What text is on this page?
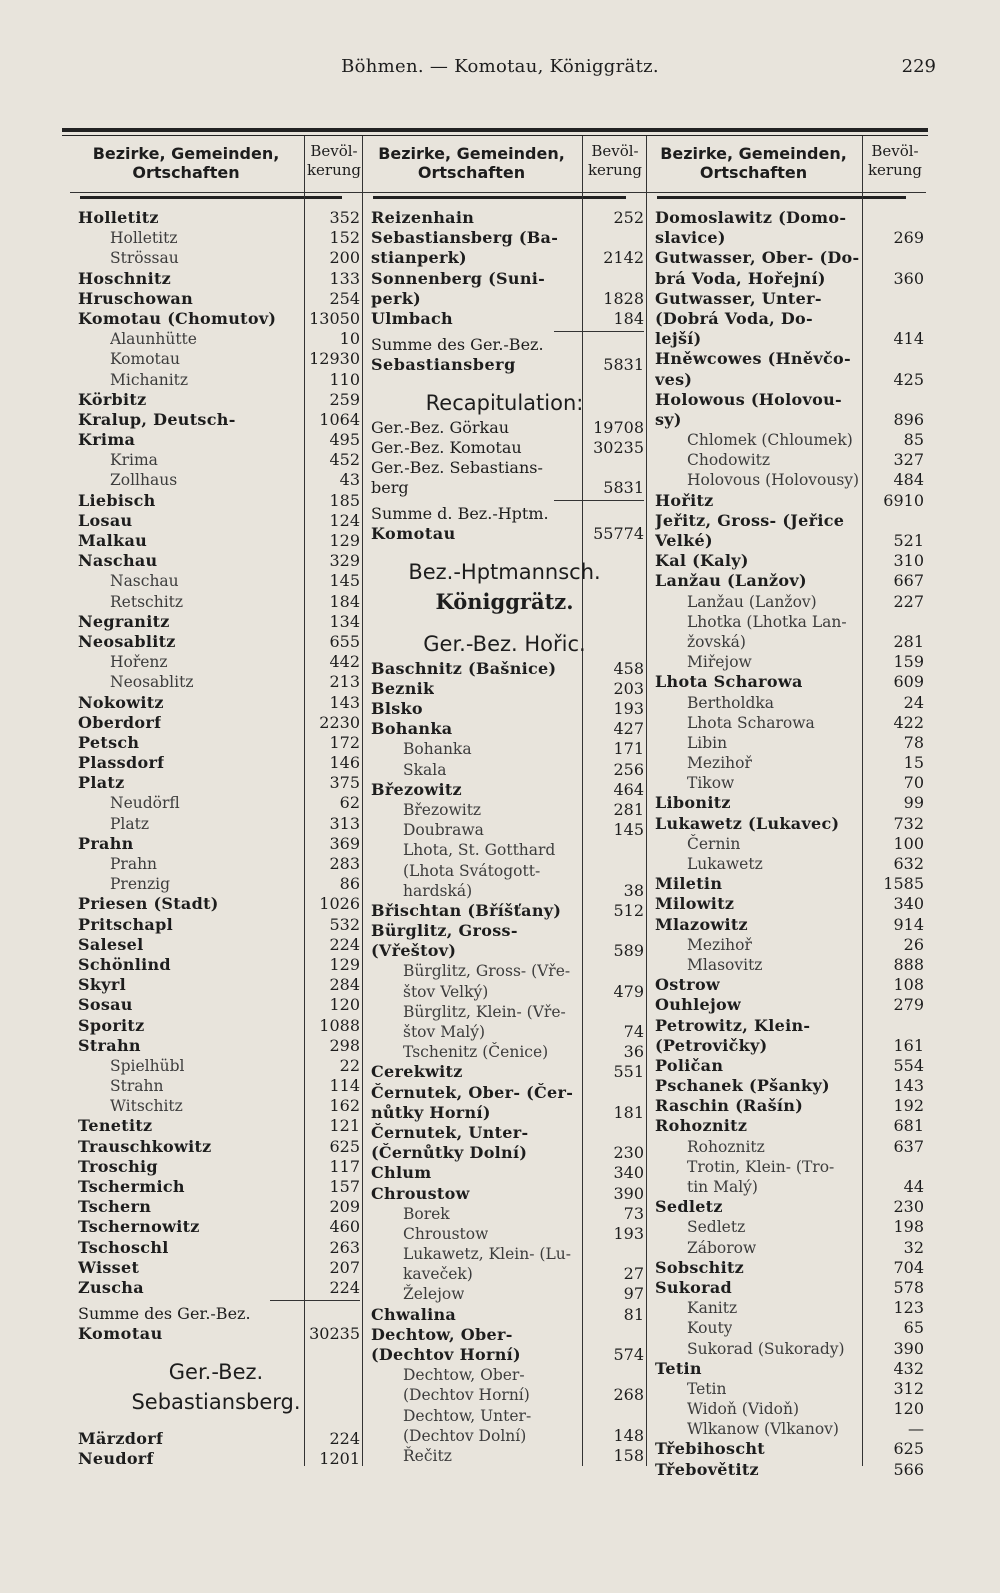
Böhmen. — Komotau, Königgrätz.	229
Bezirke, Gemeinden, Ortschaften
Bevöl- kerung
Holletitz	352
Holletitz	152
Strössau	200
Hoschnitz	133
Hruschowan	254
Komotau (Chomutov) 13050
Alaunhütte	10
Komotau	12930
Michanitz	110
Körbitz	259
Kralup, Deutsch-	1064
Krima	495
Krima	452
Zollhaus	43
Liebisch	185
Losau	124
Malkau	129
Naschau	329
Naschau	145
Retschitz	184
Negranitz	134
Neosablitz	655
Hořenz	442
Neosablitz	213
Nokowitz	143
Oberdorf	2230
Petsch	172
Plassdorf	146
Platz	375
Neudörfl	62
Platz	313
Prahn	369
Prahn	283
Prenzig	86
Priesen (Stadt)	1026
Pritschapl	532
Salesel	224
Schönlind	129
Skyrl	284
Sosau	120
Sporitz	1088
Strahn	298
Spielhübl	22
Strahn	114
Witschitz	162
Tenetitz	121
Trauschkowitz	625
Troschig	117
Tschermich	157
Tschern	209
Tschernowitz	460
Tschoschl	263
Wisset	207
Zuscha	224
Summe des Ger.-Bez.
Komotau	30235
Ger.-Bez.
Sebastiansberg.
Märzdorf	224
Neudorf	1201
Bezirke, Gemeinden, Ortschaften
Bevöl- kerung
Reizenhain	252
Sebastiansberg (Ba-
stianperk)	2142
Sonnenberg (Suni-
perk)	1828
Ulmbach	184
Summe des Ger.-Bez.
Sebastiansberg	5831
Recapitulation:
Ger.-Bez. Görkau	19708
Ger.-Bez. Komotau	30235
Ger.-Bez. Sebastians-
berg	5831
Summe d. Bez.-Hptm.
Komotau	55774
Bez.-Hptmannsch.
Königgrätz.
Ger.-Bez. Hořic.
Baschnitz (Bašnice)	458
Beznik	203
Blsko	193
Bohanka	427
Bohanka	171
Skala	256
Březowitz	464
Březowitz	281
Doubrawa	145
Lhota, St. Gotthard
(Lhota Svátogott-
hardská)	38
Břischtan (Bříšťany)	512
Bürglitz, Gross-
(Vřeštov)	589
Bürglitz, Gross- (Vře-
štov Velký)	479
Bürglitz, Klein- (Vře-
štov Malý)	74
Tschenitz (Čenice)	36
Cerekwitz	551
Černutek, Ober- (Čer-
nůtky Horní)	181
Černutek, Unter-
(Černůtky Dolní)	230
Chlum	340
Chroustow	390
Borek	73
Chroustow	193
Lukawetz, Klein- (Lu-
kaveček)	27
Želejow	97
Chwalina	81
Dechtow, Ober-
(Dechtov Horní)	574
Dechtow, Ober-
(Dechtov Horní)	268
Dechtow, Unter-
(Dechtov Dolní)	148
Řečitz	158
Bezirke, Gemeinden, Ortschaften
Bevöl- kerung
Domoslawitz (Domo-
slavice)	269
Gutwasser, Ober- (Do-
brá Voda, Hořejní)	360
Gutwasser, Unter-
(Dobrá Voda, Do-
lejší)	414
Hněwcowes (Hněvčo-
ves)	425
Holowous (Holovou-
sy)	896
Chlomek (Chloumek)	85
Chodowitz	327
Holovous (Holovousy) 484
Hořitz	6910
Jeřitz, Gross- (Jeřice
Velké)	521
Kal (Kaly)	310
Lanžau (Lanžov)	667
Lanžau (Lanžov)	227
Lhotka (Lhotka Lan-
žovská)	281
Miřejow	159
Lhota Scharowa	609
Bertholdka	24
Lhota Scharowa	422
Libin	78
Mezihoř	15
Tikow	70
Libonitz	99
Lukawetz (Lukavec)	732
Černin	100
Lukawetz	632
Miletin	1585
Milowitz	340
Mlazowitz	914
Mezihoř	26
Mlasovitz	888
Ostrow	108
Ouhlejow	279
Petrowitz, Klein-
(Petrovičky)	161
Poličan	554
Pschanek (Pšanky)	143
Raschin (Rašín)	192
Rohoznitz	681
Rohoznitz	637
Trotin, Klein- (Tro-
tin Malý)	44
Sedletz	230
Sedletz	198
Záborow	32
Sobschitz	704
Sukorad	578
Kanitz	123
Kouty	65
Sukorad (Sukorady)	390
Tetin	432
Tetin	312
Widoň (Vidoň)	120
Wlkanow (Vlkanov)	—
Třebihoscht	625
Třebovětitz	566
